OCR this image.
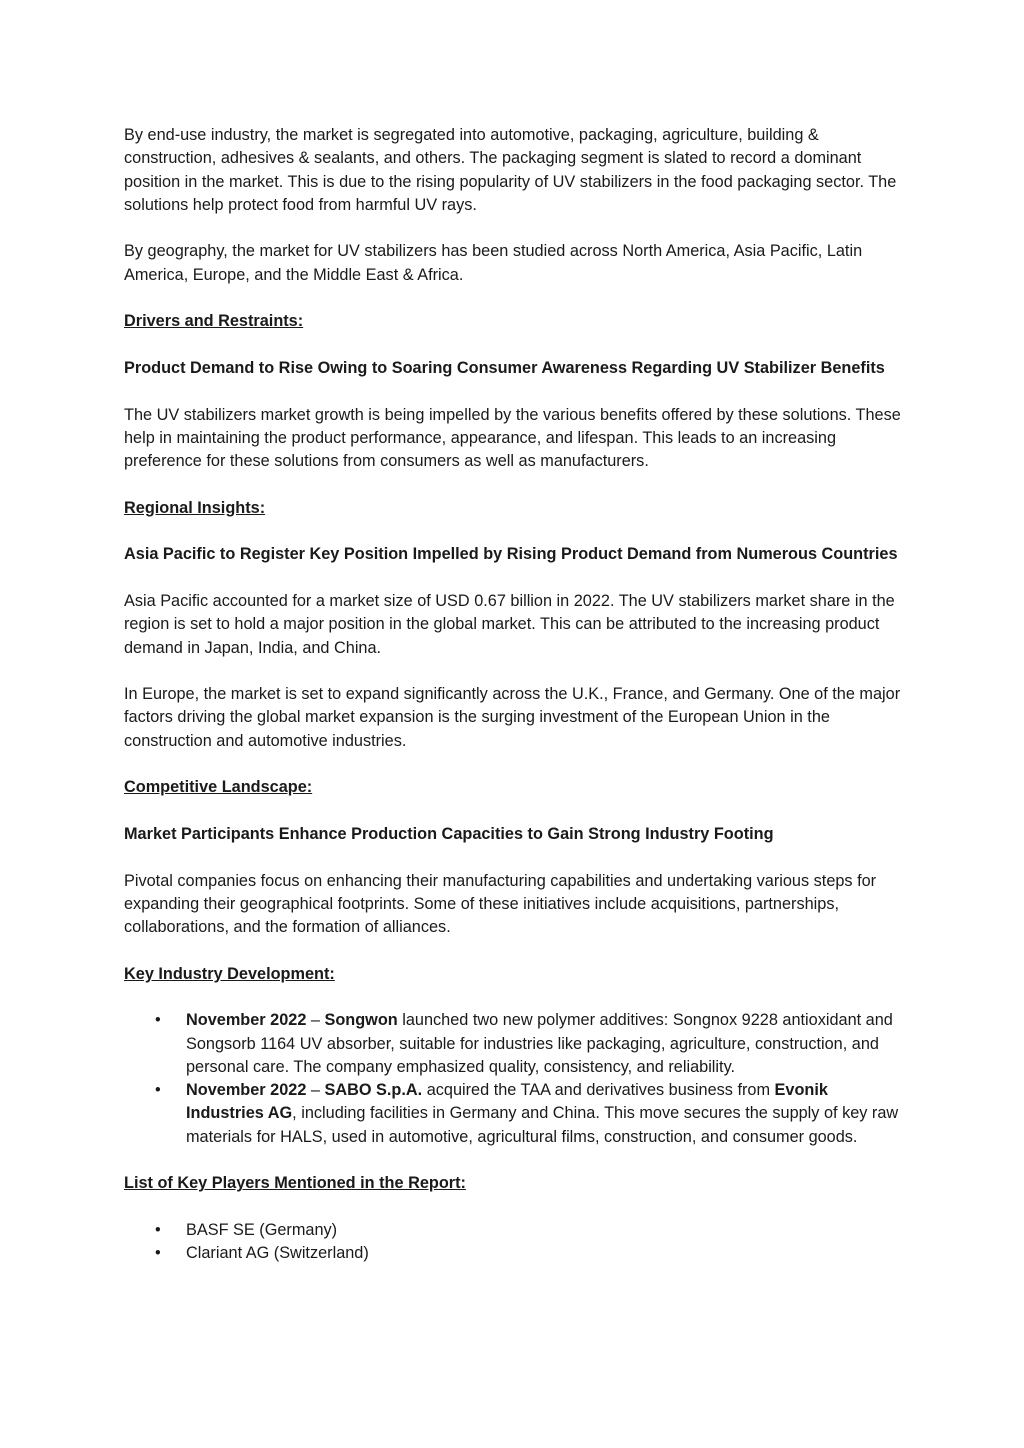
By end-use industry, the market is segregated into automotive, packaging, agriculture, building & construction, adhesives & sealants, and others. The packaging segment is slated to record a dominant position in the market. This is due to the rising popularity of UV stabilizers in the food packaging sector. The solutions help protect food from harmful UV rays.

By geography, the market for UV stabilizers has been studied across North America, Asia Pacific, Latin America, Europe, and the Middle East & Africa.

Drivers and Restraints:

Product Demand to Rise Owing to Soaring Consumer Awareness Regarding UV Stabilizer Benefits

The UV stabilizers market growth is being impelled by the various benefits offered by these solutions. These help in maintaining the product performance, appearance, and lifespan. This leads to an increasing preference for these solutions from consumers as well as manufacturers.

Regional Insights:

Asia Pacific to Register Key Position Impelled by Rising Product Demand from Numerous Countries

Asia Pacific accounted for a market size of USD 0.67 billion in 2022. The UV stabilizers market share in the region is set to hold a major position in the global market. This can be attributed to the increasing product demand in Japan, India, and China.

In Europe, the market is set to expand significantly across the U.K., France, and Germany. One of the major factors driving the global market expansion is the surging investment of the European Union in the construction and automotive industries.

Competitive Landscape:

Market Participants Enhance Production Capacities to Gain Strong Industry Footing

Pivotal companies focus on enhancing their manufacturing capabilities and undertaking various steps for expanding their geographical footprints. Some of these initiatives include acquisitions, partnerships, collaborations, and the formation of alliances.

Key Industry Development:

• November 2022 – Songwon launched two new polymer additives: Songnox 9228 antioxidant and Songsorb 1164 UV absorber, suitable for industries like packaging, agriculture, construction, and personal care. The company emphasized quality, consistency, and reliability.
• November 2022 – SABO S.p.A. acquired the TAA and derivatives business from Evonik Industries AG, including facilities in Germany and China. This move secures the supply of key raw materials for HALS, used in automotive, agricultural films, construction, and consumer goods.

List of Key Players Mentioned in the Report:

• BASF SE (Germany)
• Clariant AG (Switzerland)
